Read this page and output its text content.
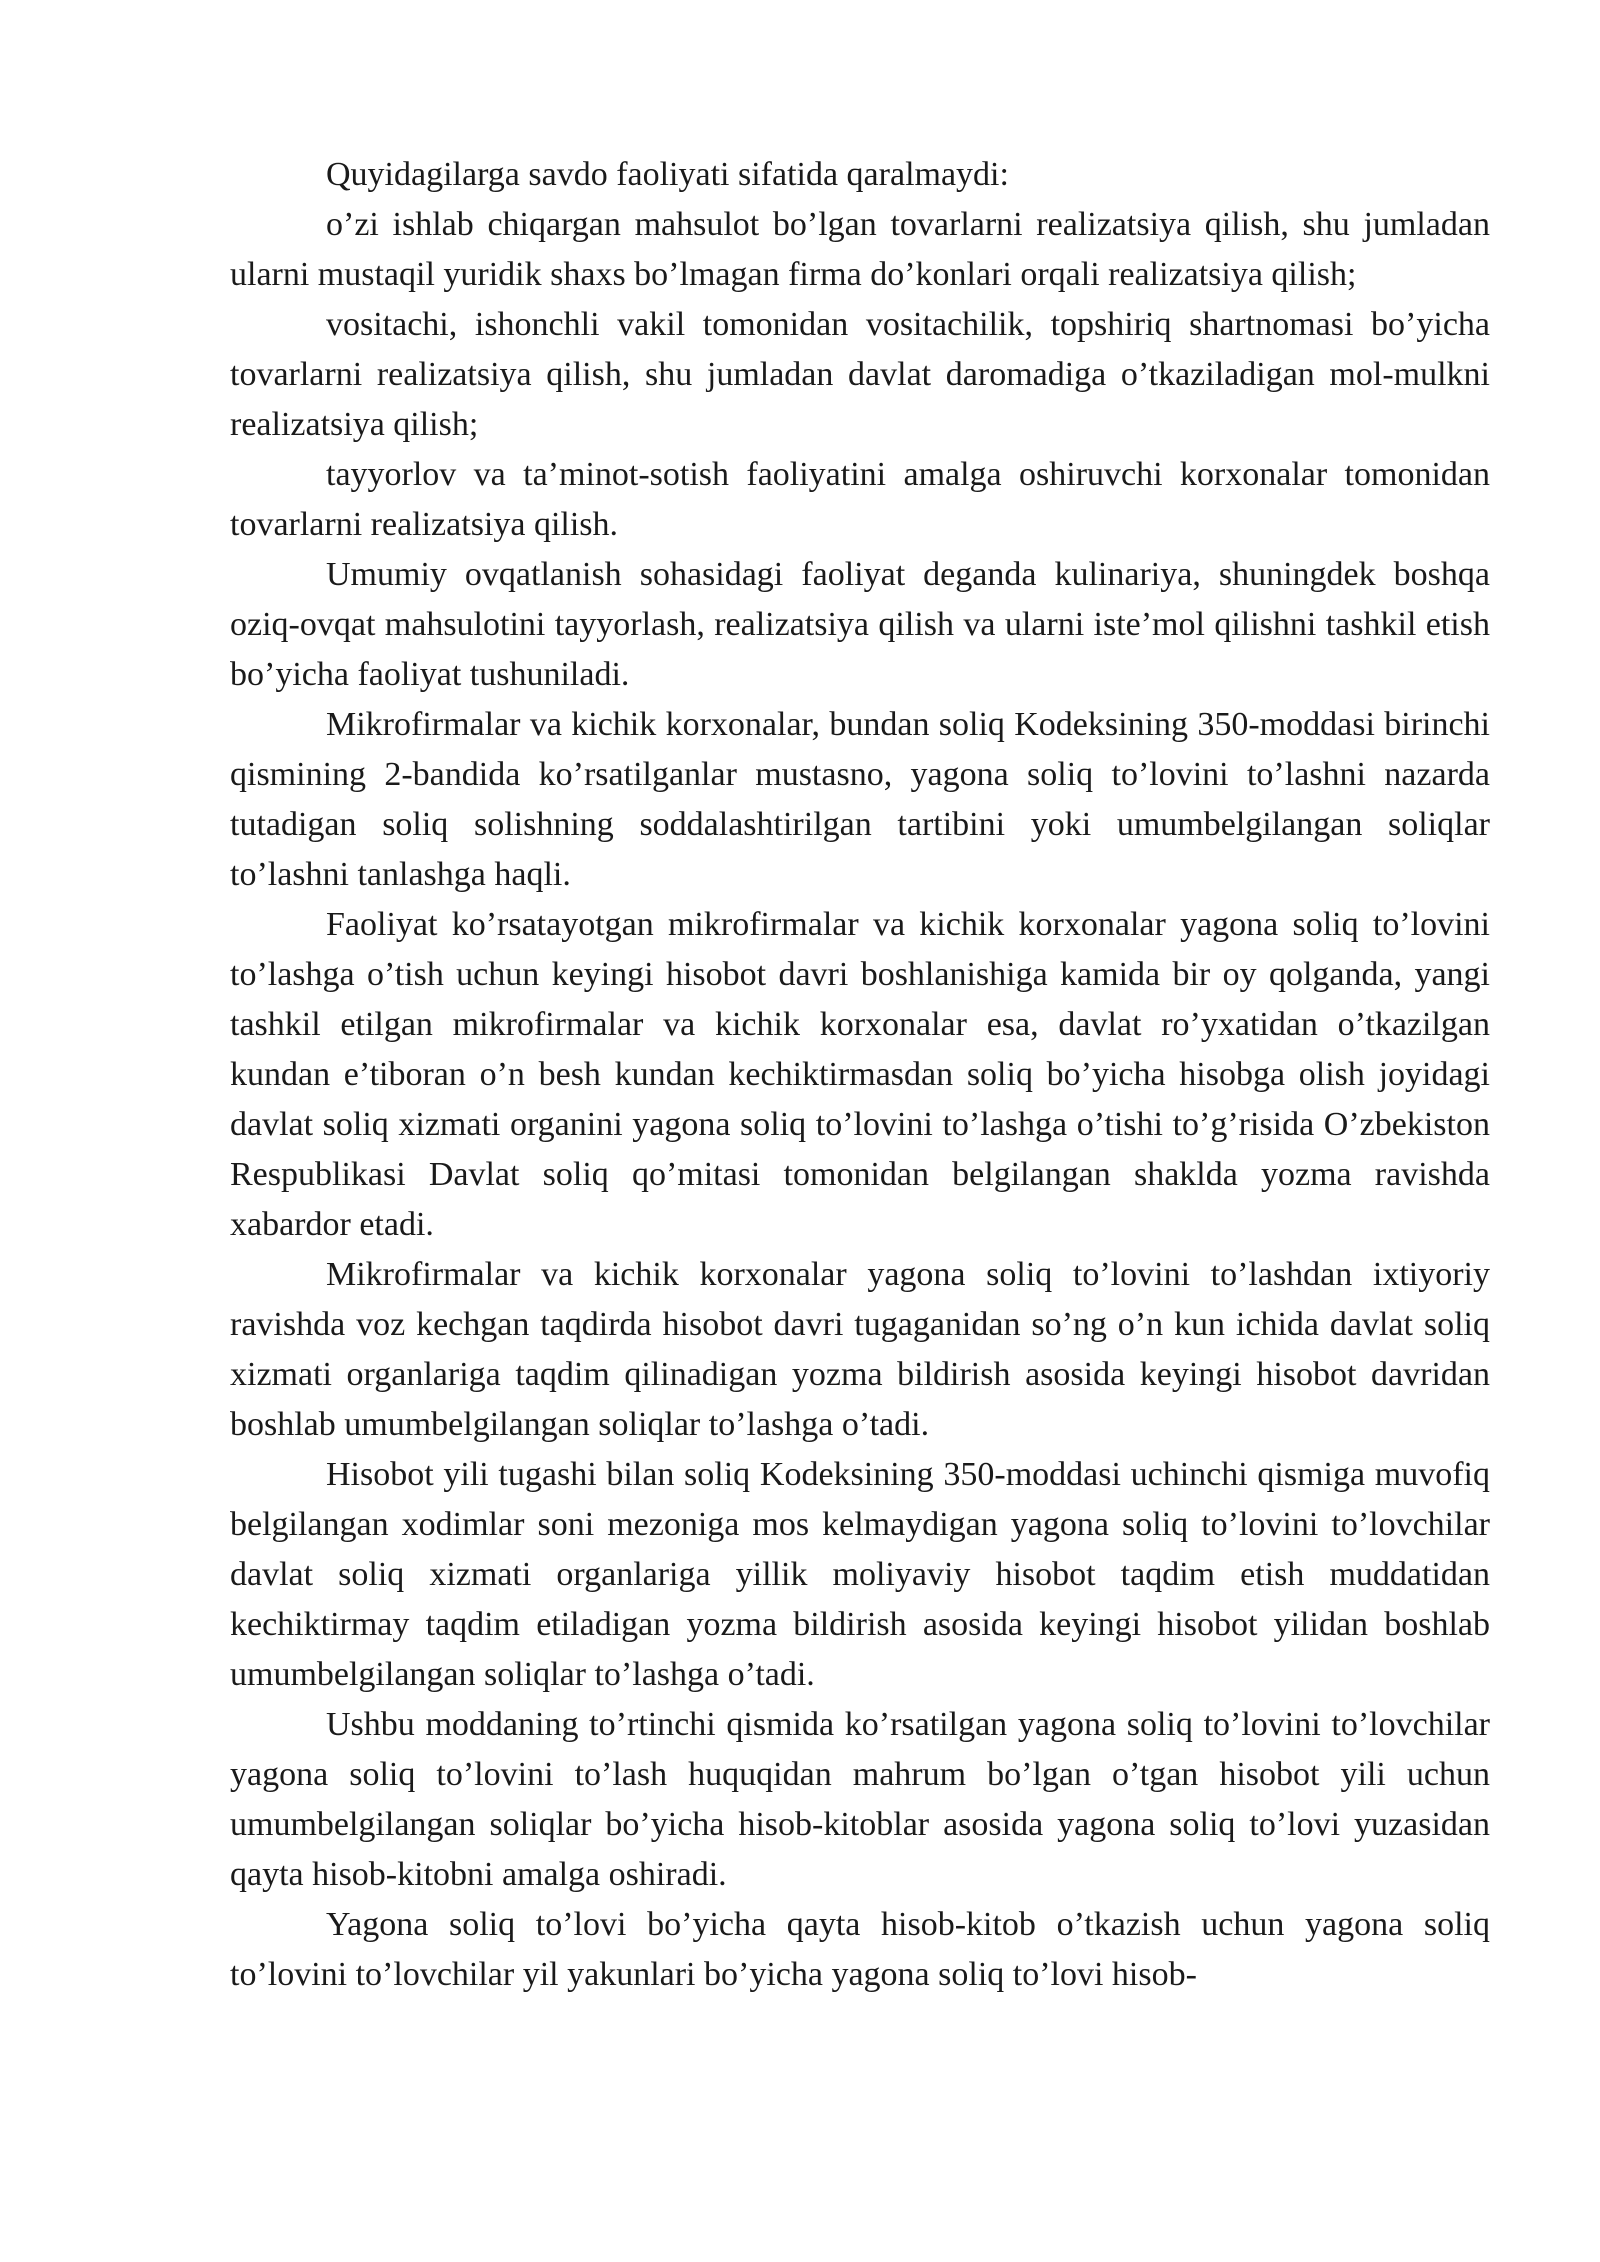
Quyidagilarga savdo faoliyati sifatida qaralmaydi:

o’zi ishlab chiqargan mahsulot bo’lgan tovarlarni realizatsiya qilish, shu jumladan ularni mustaqil yuridik shaxs bo’lmagan firma do’konlari orqali realizatsiya qilish;

vositachi, ishonchli vakil tomonidan vositachilik, topshiriq shartnomasi bo’yicha tovarlarni realizatsiya qilish, shu jumladan davlat daromadiga o’tkaziladigan mol-mulkni realizatsiya qilish;

tayyorlov va ta’minot-sotish faoliyatini amalga oshiruvchi korxonalar tomonidan tovarlarni realizatsiya qilish.

Umumiy ovqatlanish sohasidagi faoliyat deganda kulinariya, shuningdek boshqa oziq-ovqat mahsulotini tayyorlash, realizatsiya qilish va ularni iste’mol qilishni tashkil etish bo’yicha faoliyat tushuniladi.

Mikrofirmalar va kichik korxonalar, bundan soliq Kodeksining 350-moddasi birinchi qismining 2-bandida ko’rsatilganlar mustasno, yagona soliq to’lovini to’lashni nazarda tutadigan soliq solishning soddalashtirilgan tartibini yoki umumbelgilangan soliqlar to’lashni tanlashga haqli.

Faoliyat ko’rsatayotgan mikrofirmalar va kichik korxonalar yagona soliq to’lovini to’lashga o’tish uchun keyingi hisobot davri boshlanishiga kamida bir oy qolganda, yangi tashkil etilgan mikrofirmalar va kichik korxonalar esa, davlat ro’yxatidan o’tkazilgan kundan e’tiboran o’n besh kundan kechiktirmasdan soliq bo’yicha hisobga olish joyidagi davlat soliq xizmati organini yagona soliq to’lovini to’lashga o’tishi to’g’risida O’zbekiston Respublikasi Davlat soliq qo’mitasi tomonidan belgilangan shaklda yozma ravishda xabardor etadi.

Mikrofirmalar va kichik korxonalar yagona soliq to’lovini to’lashdan ixtiyoriy ravishda voz kechgan taqdirda hisobot davri tugaganidan so’ng o’n kun ichida davlat soliq xizmati organlariga taqdim qilinadigan yozma bildirish asosida keyingi hisobot davridan boshlab umumbelgilangan soliqlar to’lashga o’tadi.

Hisobot yili tugashi bilan soliq Kodeksining 350-moddasi uchinchi qismiga muvofiq belgilangan xodimlar soni mezoniga mos kelmaydigan yagona soliq to’lovini to’lovchilar davlat soliq xizmati organlariga yillik moliyaviy hisobot taqdim etish muddatidan kechiktirmay taqdim etiladigan yozma bildirish asosida keyingi hisobot yilidan boshlab umumbelgilangan soliqlar to’lashga o’tadi.

Ushbu moddaning to’rtinchi qismida ko’rsatilgan yagona soliq to’lovini to’lovchilar yagona soliq to’lovini to’lash huquqidan mahrum bo’lgan o’tgan hisobot yili uchun umumbelgilangan soliqlar bo’yicha hisob-kitoblar asosida yagona soliq to’lovi yuzasidan qayta hisob-kitobni amalga oshiradi.

Yagona soliq to’lovi bo’yicha qayta hisob-kitob o’tkazish uchun yagona soliq to’lovini to’lovchilar yil yakunlari bo’yicha yagona soliq to’lovi hisob-
